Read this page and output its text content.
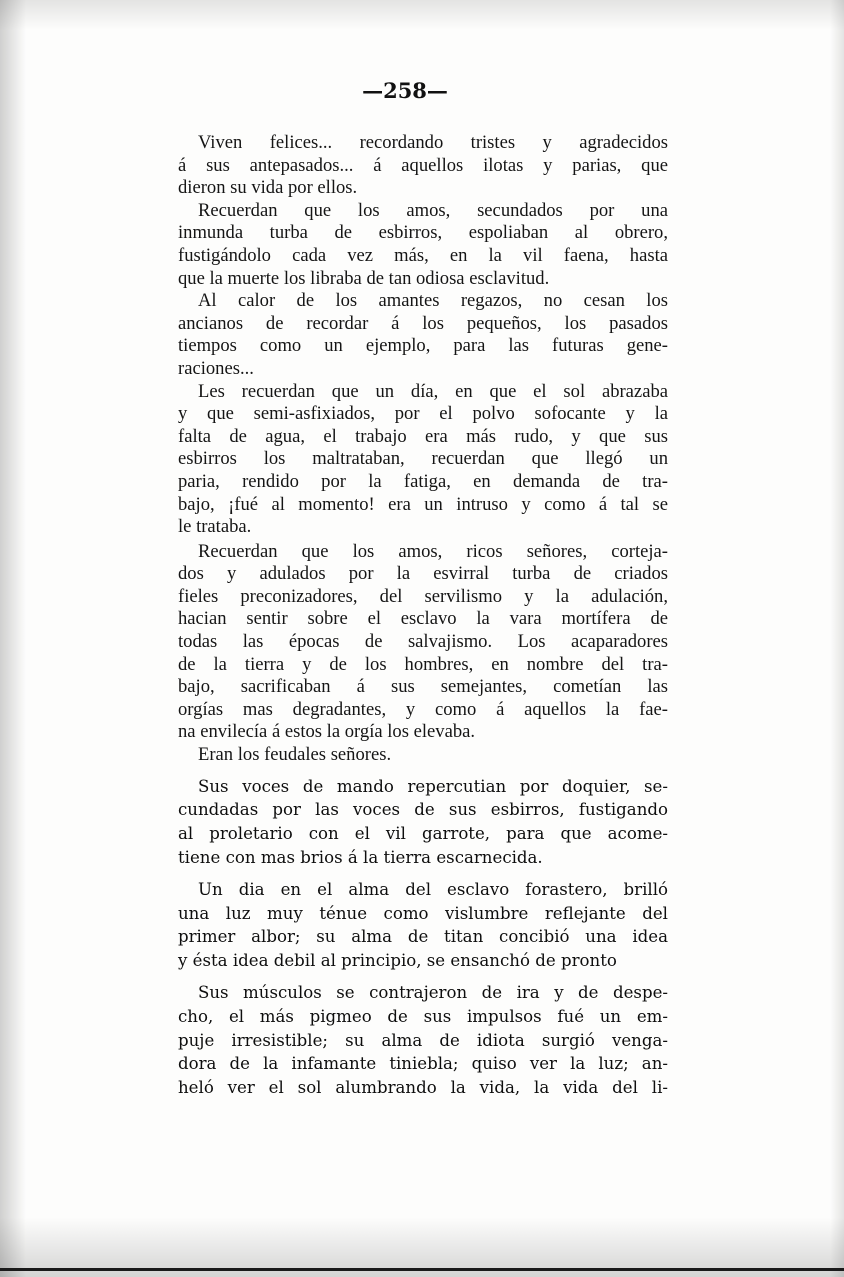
—258—
Viven felices... recordando tristes y agradecidos
á sus antepasados... á aquellos ilotas y parias, que
dieron su vida por ellos.
Recuerdan que los amos, secundados por una
inmunda turba de esbirros, espoliaban al obrero,
fustigándolo cada vez más, en la vil faena, hasta
que la muerte los libraba de tan odiosa esclavitud.
Al calor de los amantes regazos, no cesan los
ancianos de recordar á los pequeños, los pasados
tiempos como un ejemplo, para las futuras gene-
raciones...
Les recuerdan que un día, en que el sol abrazaba
y que semi-asfixiados, por el polvo sofocante y la
falta de agua, el trabajo era más rudo, y que sus
esbirros los maltrataban, recuerdan que llegó un
paria, rendido por la fatiga, en demanda de tra-
bajo, ¡fué al momento! era un intruso y como á tal se
le trataba.
Recuerdan que los amos, ricos señores, corteja-
dos y adulados por la esvirral turba de criados
fieles preconizadores, del servilismo y la adulación,
hacian sentir sobre el esclavo la vara mortífera de
todas las épocas de salvajismo. Los acaparadores
de la tierra y de los hombres, en nombre del tra-
bajo, sacrificaban á sus semejantes, cometían las
orgías mas degradantes, y como á aquellos la fae-
na envilecía á estos la orgía los elevaba.
Eran los feudales señores.
Sus voces de mando repercutian por doquier, se-
cundadas por las voces de sus esbirros, fustigando
al proletario con el vil garrote, para que acome-
tiene con mas brios á la tierra escarnecida.
Un dia en el alma del esclavo forastero, brilló
una luz muy ténue como vislumbre reflejante del
primer albor; su alma de titan concibió una idea
y ésta idea debil al principio, se ensanchó de pronto
Sus músculos se contrajeron de ira y de despe-
cho, el más pigmeo de sus impulsos fué un em-
puje irresistible; su alma de idiota surgió venga-
dora de la infamante tiniebla; quiso ver la luz; an-
heló ver el sol alumbrando la vida, la vida del li-
